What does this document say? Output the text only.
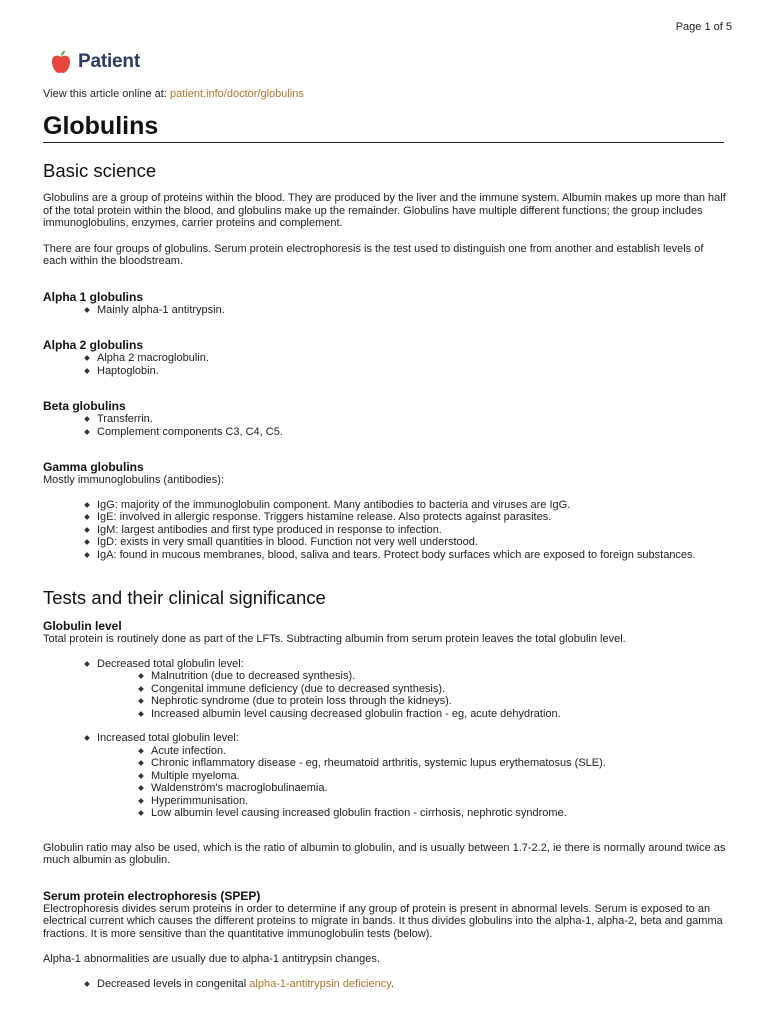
Page 1 of 5
Patient
View this article online at: patient.info/doctor/globulins
Globulins
Basic science

Globulins are a group of proteins within the blood. They are produced by the liver and the immune system. Albumin makes up more than half of the total protein within the blood, and globulins make up the remainder. Globulins have multiple different functions; the group includes immunoglobulins, enzymes, carrier proteins and complement.

There are four groups of globulins. Serum protein electrophoresis is the test used to distinguish one from another and establish levels of each within the bloodstream.

Alpha 1 globulins
Mainly alpha-1 antitrypsin.
Alpha 2 globulins
Alpha 2 macroglobulin.
Haptoglobin.
Beta globulins
Transferrin.
Complement components C3, C4, C5.
Gamma globulins

Mostly immunoglobulins (antibodies):

IgG: majority of the immunoglobulin component. Many antibodies to bacteria and viruses are IgG.
IgE: involved in allergic response. Triggers histamine release. Also protects against parasites.
IgM: largest antibodies and first type produced in response to infection.
IgD: exists in very small quantities in blood. Function not very well understood.
IgA: found in mucous membranes, blood, saliva and tears. Protect body surfaces which are exposed to foreign substances.
Tests and their clinical significance
Globulin level

Total protein is routinely done as part of the LFTs. Subtracting albumin from serum protein leaves the total globulin level.

Decreased total globulin level:
Malnutrition (due to decreased synthesis).
Congenital immune deficiency (due to decreased synthesis).
Nephrotic syndrome (due to protein loss through the kidneys).
Increased albumin level causing decreased globulin fraction - eg, acute dehydration.
Increased total globulin level:
Acute infection.
Chronic inflammatory disease - eg, rheumatoid arthritis, systemic lupus erythematosus (SLE).
Multiple myeloma.
Waldenström's macroglobulinaemia.
Hyperimmunisation.
Low albumin level causing increased globulin fraction - cirrhosis, nephrotic syndrome.

Globulin ratio may also be used, which is the ratio of albumin to globulin, and is usually between 1.7-2.2, ie there is normally around twice as much albumin as globulin.

Serum protein electrophoresis (SPEP)

Electrophoresis divides serum proteins in order to determine if any group of protein is present in abnormal levels. Serum is exposed to an electrical current which causes the different proteins to migrate in bands. It thus divides globulins into the alpha-1, alpha-2, beta and gamma fractions. It is more sensitive than the quantitative immunoglobulin tests (below).

Alpha-1 abnormalities are usually due to alpha-1 antitrypsin changes.

Decreased levels in congenital alpha-1-antitrypsin deficiency.
